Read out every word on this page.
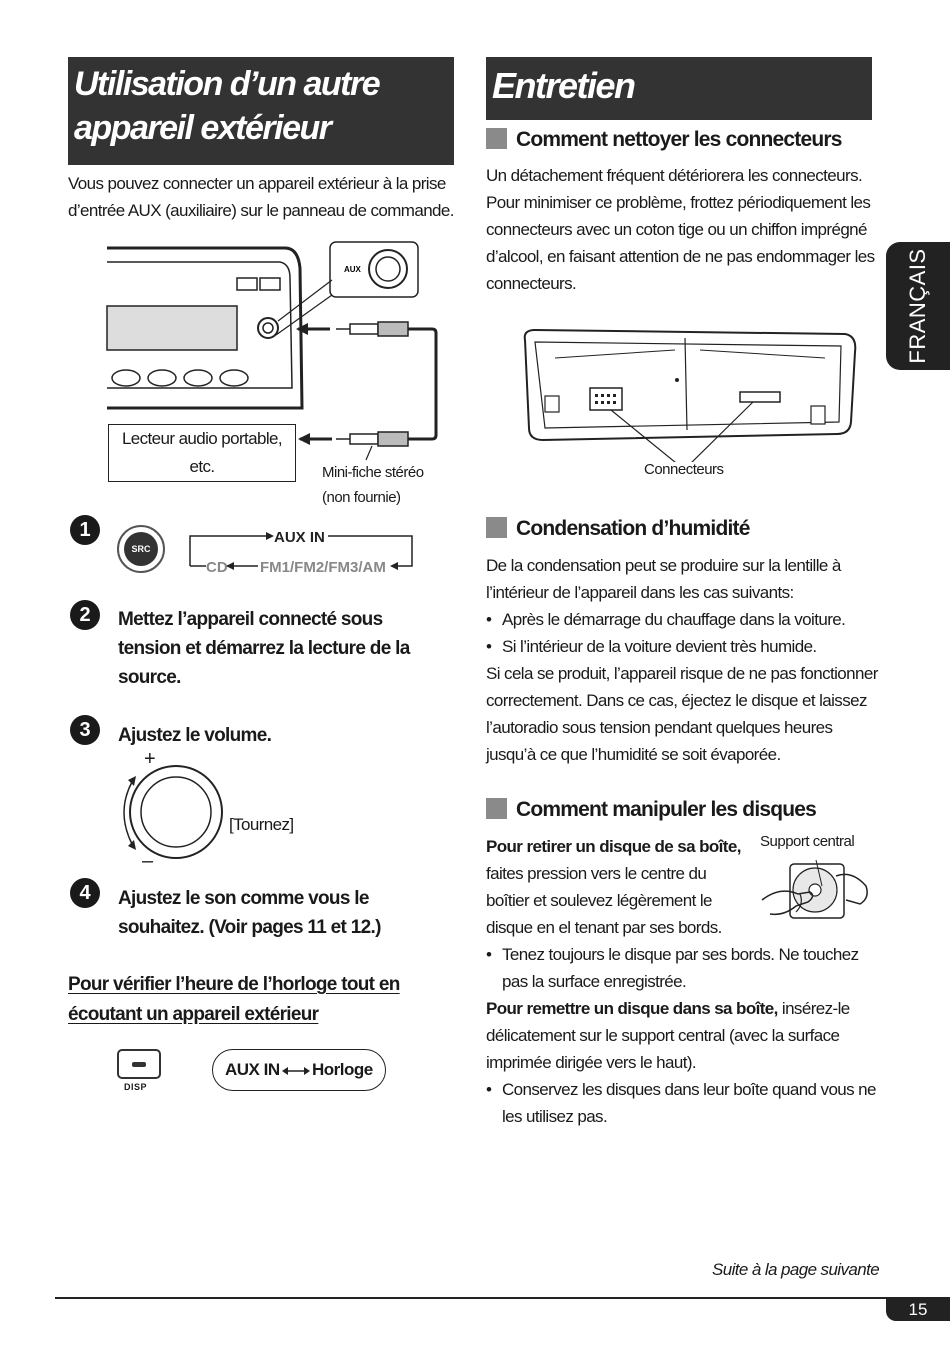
Utilisation d’un autre
appareil extérieur
Vous pouvez connecter un appareil extérieur à la prise d’entrée AUX (auxiliaire) sur le panneau de commande.
AUX
Lecteur audio portable,
etc.	Mini-fiche stéréo
(non fournie)
1
SRC
AUX IN
CD FM1/FM2/FM3/AM
2	Mettez l’appareil connecté sous tension et démarrez la lecture de la source.
3	Ajustez le volume.
+
–
[Tournez]
4	Ajustez le son comme vous le souhaitez. (Voir pages 11 et 12.)
Pour vérifier l’heure de l’horloge tout en
écoutant un appareil extérieur
DISP
AUX IN Horloge
Entretien
Comment nettoyer les connecteurs
Un détachement fréquent détériorera les connecteurs. Pour minimiser ce problème, frottez périodiquement les connecteurs avec un coton tige ou un chiffon imprégné d’alcool, en faisant attention de ne pas endommager les connecteurs.
Connecteurs
Condensation d’humidité
De la condensation peut se produire sur la lentille à l’intérieur de l’appareil dans les cas suivants:
• Après le démarrage du chauffage dans la voiture.
• Si l’intérieur de la voiture devient très humide.
Si cela se produit, l’appareil risque de ne pas fonctionner correctement. Dans ce cas, éjectez le disque et laissez l’autoradio sous tension pendant quelques heures jusqu’à ce que l’humidité se soit évaporée.
Comment manipuler les disques
Support central
Pour retirer un disque de sa boîte, faites pression vers le centre du boîtier et soulevez légèrement le disque en el tenant par ses bords.
• Tenez toujours le disque par ses bords. Ne touchez pas la surface enregistrée.
Pour remettre un disque dans sa boîte, insérez-le délicatement sur le support central (avec la surface imprimée dirigée vers le haut).
• Conservez les disques dans leur boîte quand vous ne les utilisez pas.
FRANÇAIS
Suite à la page suivante
15
